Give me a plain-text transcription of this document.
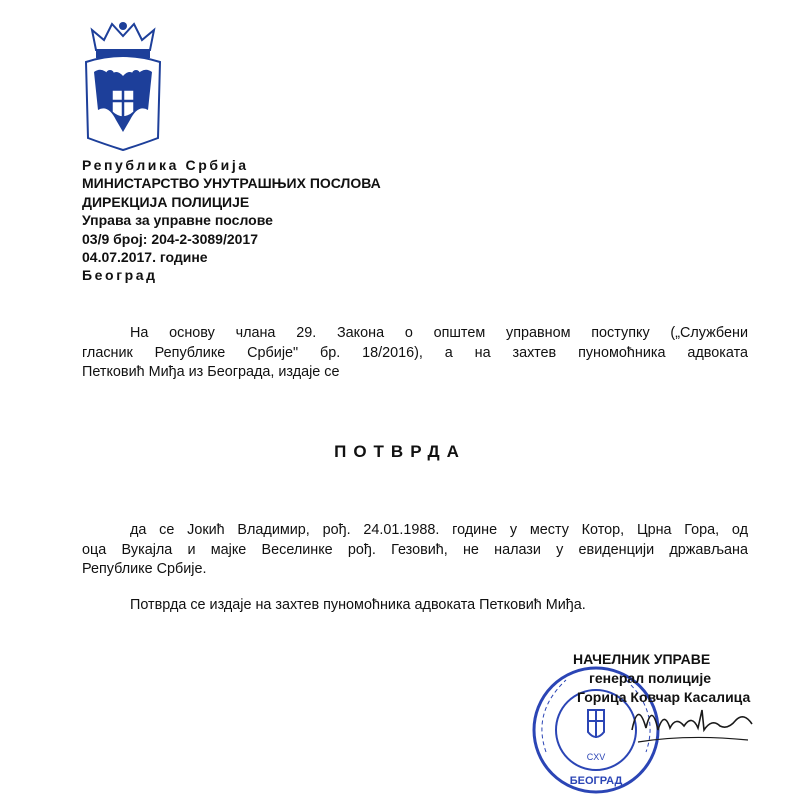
Република Србија
МИНИСТАРСТВО УНУТРАШЊИХ ПОСЛОВА
ДИРЕКЦИЈА ПОЛИЦИЈЕ
Управа за управне послове
03/9 број: 204-2-3089/2017
04.07.2017. године
Београд
На основу члана 29. Закона о општем управном поступку („Службени
гласник Републике Србије" бр. 18/2016), а на захтев пуномоћника адвоката
Петковић Миђа из Београда, издаје се
ПОТВРДА
да се Јокић Владимир, рођ. 24.01.1988. године у месту Котор, Црна Гора, од
оца Вукајла и мајке Веселинке рођ. Гезовић, не налази у евиденцији држављана
Републике Србије.
Потврда се издаје на захтев пуномоћника адвоката Петковић Миђа.
CXV
БЕОГРАД
НАЧЕЛНИК УПРАВЕ
генерал полиције
Горица Ковчар Касалица
